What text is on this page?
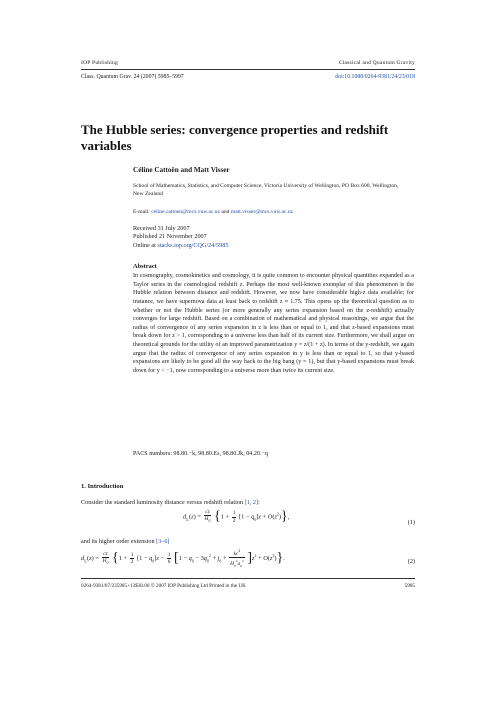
IOP Publishing	Classical and Quantum Gravity
Class. Quantum Grav. 24 (2007) 5985–5997	doi:10.1088/0264-9381/24/23/018
The Hubble series: convergence properties and redshift variables
Céline Cattoën and Matt Visser
School of Mathematics, Statistics, and Computer Science, Victoria University of Wellington, PO Box 600, Wellington, New Zealand
E-mail: celine.cattoen@mcs.vuw.ac.nz and matt.visser@mcs.vuw.ac.nz
Received 31 July 2007
Published 21 November 2007
Online at stacks.iop.org/CQG/24/5985
Abstract
In cosmography, cosmokinetics and cosmology, it is quite common to encounter physical quantities expanded as a Taylor series in the cosmological redshift z. Perhaps the most well-known exemplar of this phenomenon is the Hubble relation between distance and redshift. However, we now have considerable high-z data available; for instance, we have supernova data at least back to redshift z ≈ 1.75. This opens up the theoretical question as to whether or not the Hubble series (or more generally any series expansion based on the z-redshift) actually converges for large redshift. Based on a combination of mathematical and physical reasonings, we argue that the radius of convergence of any series expansion in z is less than or equal to 1, and that z-based expansions must break down for z > 1, corresponding to a universe less than half of its current size. Furthermore, we shall argue on theoretical grounds for the utility of an improved parametrization y = z/(1 + z). In terms of the y-redshift, we again argue that the radius of convergence of any series expansion in y is less than or equal to 1, so that y-based expansions are likely to be good all the way back to the big bang (y = 1), but that y-based expansions must break down for y < −1, now corresponding to a universe more than twice its current size.
PACS numbers: 98.80.−k, 98.80.Es, 98.80.Jk, 04.20.−q
1. Introduction
Consider the standard luminosity distance versus redshift relation [1, 2]:
$d_L(z) = \frac{cz}{H_0} \{1 + \frac{1}{2} [1 - q_0]z + O(z^2)\}$,
(1)
and its higher order extension [3–6]
$d_L(z) = \frac{cz}{H_0} \{1 + \frac{1}{2} [1 - q_0]z - \frac{1}{6} [1 - q_0 - 3q_0^2 + j_0 + \frac{kc^2}{H_0^2a_0^2} ]z^2 + O(z^3)\}$.	(2)
0264-9381/07/235985+13$30.00 © 2007 IOP Publishing Ltd Printed in the UK	5985
